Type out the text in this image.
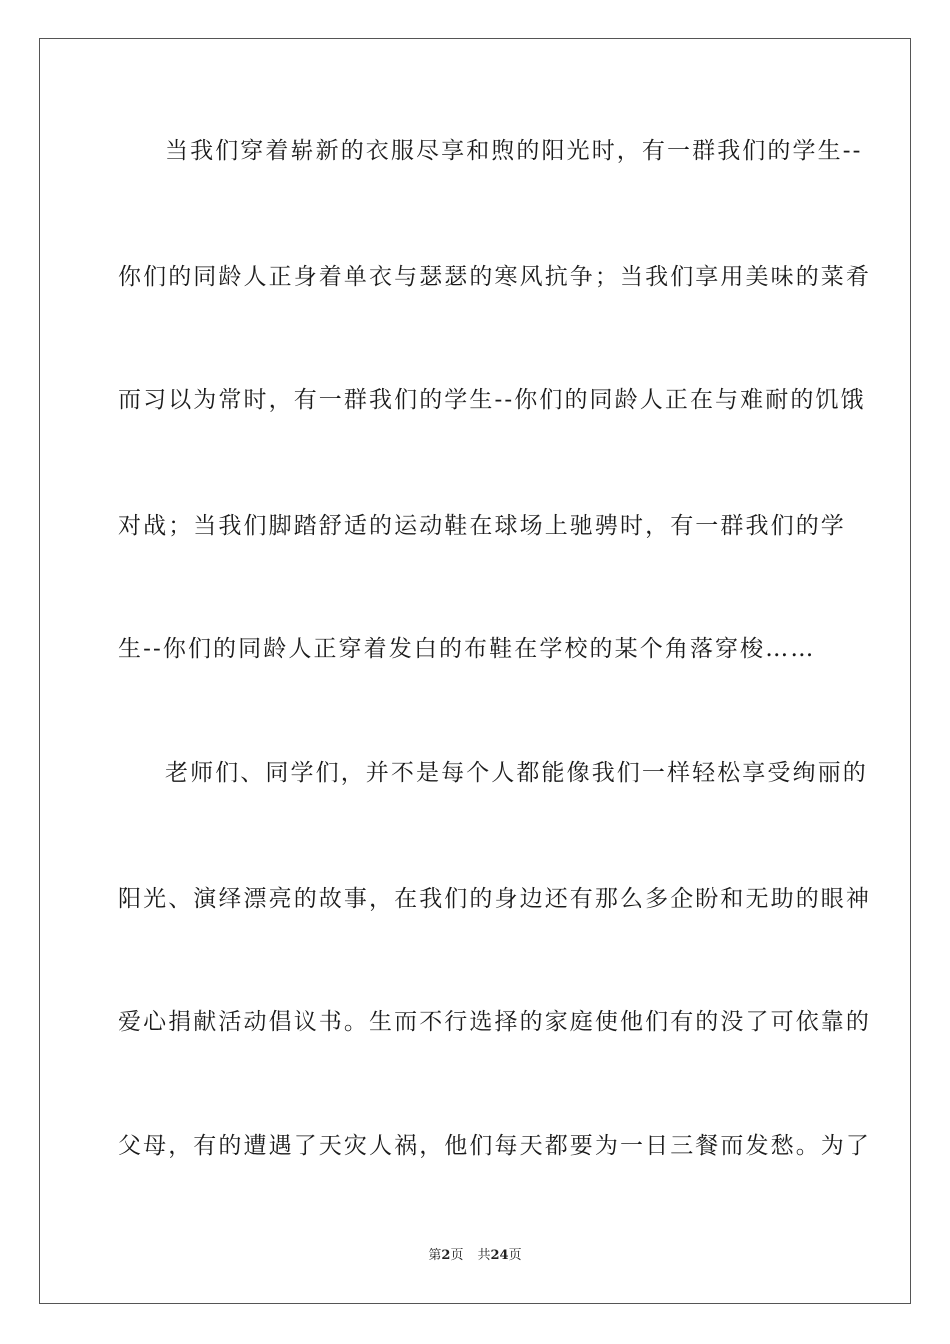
当我们穿着崭新的衣服尽享和煦的阳光时，有一群我们的学生--
你们的同龄人正身着单衣与瑟瑟的寒风抗争；当我们享用美味的菜肴
而习以为常时，有一群我们的学生--你们的同龄人正在与难耐的饥饿
对战；当我们脚踏舒适的运动鞋在球场上驰骋时，有一群我们的学
生--你们的同龄人正穿着发白的布鞋在学校的某个角落穿梭……
老师们、同学们，并不是每个人都能像我们一样轻松享受绚丽的
阳光、演绎漂亮的故事，在我们的身边还有那么多企盼和无助的眼神
爱心捐献活动倡议书。生而不行选择的家庭使他们有的没了可依靠的
父母，有的遭遇了天灾人祸，他们每天都要为一日三餐而发愁。为了
第2页 共24页
